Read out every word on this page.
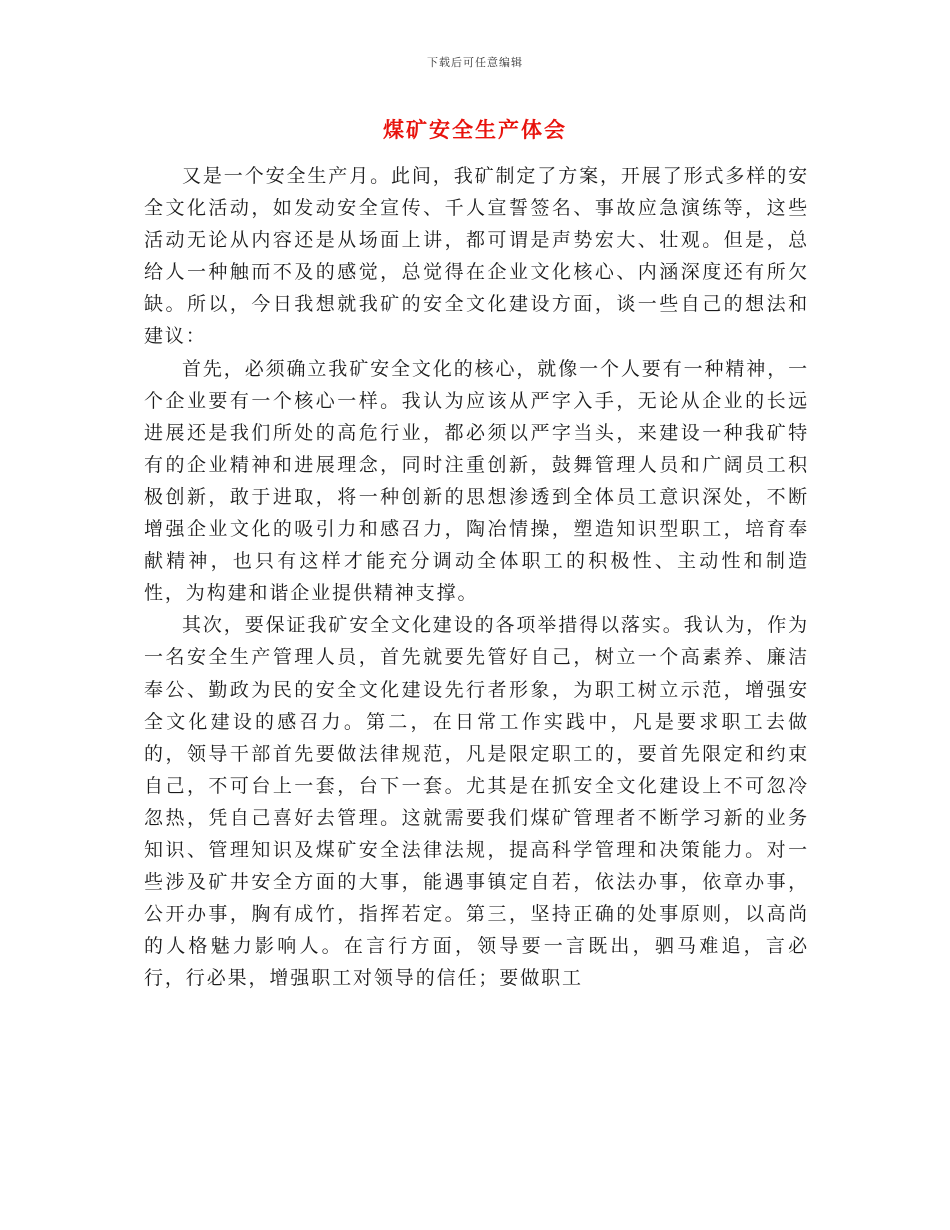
下载后可任意编辑
煤矿安全生产体会

又是一个安全生产月。此间，我矿制定了方案，开展了形式多样的安全文化活动，如发动安全宣传、千人宣誓签名、事故应急演练等，这些活动无论从内容还是从场面上讲，都可谓是声势宏大、壮观。但是，总给人一种触而不及的感觉，总觉得在企业文化核心、内涵深度还有所欠缺。所以，今日我想就我矿的安全文化建设方面，谈一些自己的想法和建议：

首先，必须确立我矿安全文化的核心，就像一个人要有一种精神，一个企业要有一个核心一样。我认为应该从严字入手，无论从企业的长远进展还是我们所处的高危行业，都必须以严字当头，来建设一种我矿特有的企业精神和进展理念，同时注重创新，鼓舞管理人员和广阔员工积极创新，敢于进取，将一种创新的思想渗透到全体员工意识深处，不断增强企业文化的吸引力和感召力，陶冶情操，塑造知识型职工，培育奉献精神，也只有这样才能充分调动全体职工的积极性、主动性和制造性，为构建和谐企业提供精神支撑。

其次，要保证我矿安全文化建设的各项举措得以落实。我认为，作为一名安全生产管理人员，首先就要先管好自己，树立一个高素养、廉洁奉公、勤政为民的安全文化建设先行者形象，为职工树立示范，增强安全文化建设的感召力。第二，在日常工作实践中，凡是要求职工去做的，领导干部首先要做法律规范，凡是限定职工的，要首先限定和约束自己，不可台上一套，台下一套。尤其是在抓安全文化建设上不可忽冷忽热，凭自己喜好去管理。这就需要我们煤矿管理者不断学习新的业务知识、管理知识及煤矿安全法律法规，提高科学管理和决策能力。对一些涉及矿井安全方面的大事，能遇事镇定自若，依法办事，依章办事，公开办事，胸有成竹，指挥若定。第三，坚持正确的处事原则，以高尚的人格魅力影响人。在言行方面，领导要一言既出，驷马难追，言必行，行必果，增强职工对领导的信任；要做职工
